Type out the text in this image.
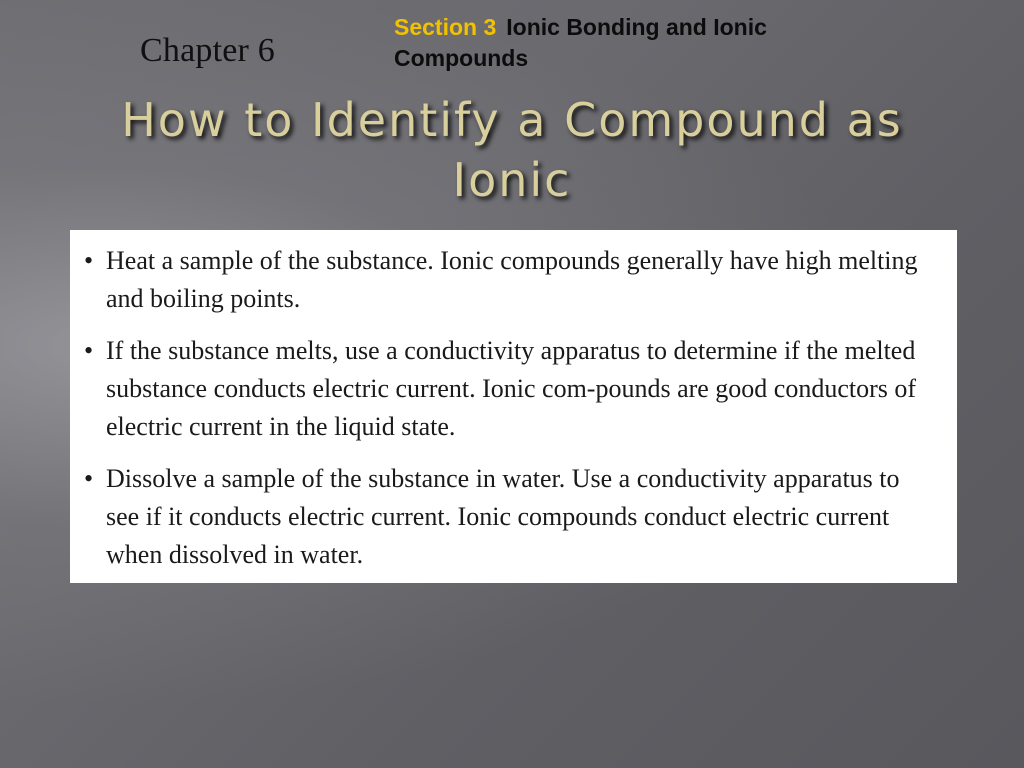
Chapter 6
Section 3 Ionic Bonding and Ionic Compounds
How to Identify a Compound as Ionic
• Heat a sample of the substance. Ionic compounds generally have high melting and boiling points.
• If the substance melts, use a conductivity apparatus to determine if the melted substance conducts electric current. Ionic com-pounds are good conductors of electric current in the liquid state.
• Dissolve a sample of the substance in water. Use a conductivity apparatus to see if it conducts electric current. Ionic compounds conduct electric current when dissolved in water.
